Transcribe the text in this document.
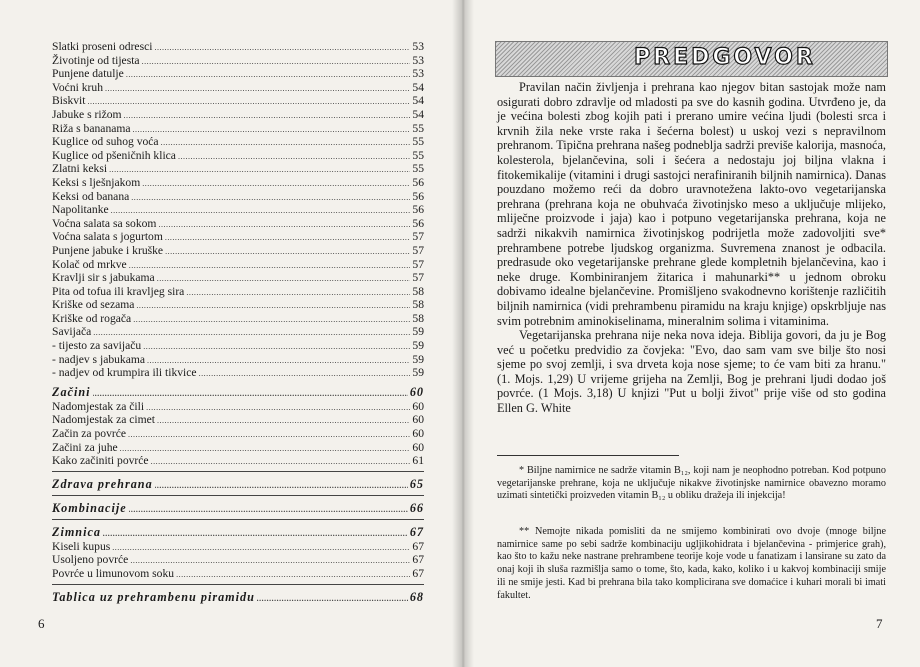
Slatki proseni odresci .....	53
Životinje od tijesta .....	53
Punjene datulje .....	53
Voćni kruh .....	54
Biskvit .....	54
Jabuke s rižom .....	54
Riža s bananama .....	55
Kuglice od suhog voća .....	55
Kuglice od pšeničnih klica .....	55
Zlatni keksi .....	55
Keksi s lješnjakom .....	56
Keksi od banana .....	56
Napolitanke .....	56
Voćna salata sa sokom .....	56
Voćna salata s jogurtom .....	57
Punjene jabuke i kruške .....	57
Kolač od mrkve .....	57
Kravlji sir s jabukama .....	57
Pita od tofua ili kravljeg sira .....	58
Kriške od sezama .....	58
Kriške od rogača .....	58
Savijača .....	59
- tijesto za savijaču .....	59
- nadjev s jabukama .....	59
- nadjev od krumpira ili tikvice .....	59
Začini .....	60
Nadomjestak za čili .....	60
Nadomjestak za cimet .....	60
Začin za povrće .....	60
Začini za juhe .....	60
Kako začiniti povrće .....	61
Zdrava prehrana .....	65
Kombinacije .....	66
Zimnica .....	67
Kiseli kupus .....	67
Usoljeno povrće .....	67
Povrće u limunovom soku .....	67
Tablica uz prehrambenu piramidu .....	68
6	7
PREDGOVOR

Pravilan način življenja i prehrana kao njegov bitan sastojak može nam osigurati dobro zdravlje od mladosti pa sve do kasnih godina. Utvrđeno je, da je većina bolesti zbog kojih pati i prerano umire većina ljudi (bolesti srca i krvnih žila neke vrste raka i šećerna bolest) u uskoj vezi s nepravilnom prehranom. Tipična prehrana našeg podneblja sadrži previše kalorija, masnoća, kolesterola, bjelančevina, soli i šećera a nedostaju joj biljna vlakna i fitokemikalije (vitamini i drugi sastojci nerafiniranih biljnih namirnica). Danas pouzdano možemo reći da dobro uravnotežena lakto-ovo vegetarijanska prehrana (prehrana koja ne obuhvaća životinjsko meso a uključuje mlijeko, mliječne proizvode i jaja) kao i potpuno vegetarijanska prehrana, koja ne sadrži nikakvih namirnica životinjskog podrijetla može zadovoljiti sve* prehrambene potrebe ljudskog organizma. Suvremena znanost je odbacila. predrasude oko vegetarijanske prehrane glede kompletnih bjelančevina, kao i neke druge. Kombiniranjem žitarica i mahunarki** u jednom obroku dobivamo idealne bjelančevine. Promišljeno svakodnevno korištenje različitih biljnih namirnica (vidi prehrambenu piramidu na kraju knjige) opskrbljuje nas svim potrebnim aminokiselinama, mineralnim solima i vitaminima.

Vegetarijanska prehrana nije neka nova ideja. Biblija govori, da ju je Bog već u početku predvidio za čovjeka: "Evo, dao sam vam sve bilje što nosi sjeme po svoj zemlji, i sva drveta koja nose sjeme; to će vam biti za hranu." (1. Mojs. 1,29) U vrijeme grijeha na Zemlji, Bog je prehrani ljudi dodao još povrće. (1 Mojs. 3,18) U knjizi "Put u bolji život" prije više od sto godina Ellen G. White

* Biljne namirnice ne sadrže vitamin B₁₂, koji nam je neophodno potreban. Kod potpuno vegetarijanske prehrane, koja ne uključuje nikakve životinjske namirnice obavezno moramo uzimati sintetički proizveden vitamin B₁₂ u obliku dražeja ili injekcija!

** Nemojte nikada pomisliti da ne smijemo kombinirati ovo dvoje (mnoge biljne namirnice same po sebi sadrže kombinaciju ugljikohidrata i bjelančevina - primjerice grah), kao što to kažu neke nastrane prehrambene teorije koje vode u fanatizam i lansirane su zato da onaj koji ih sluša razmišlja samo o tome, što, kada, kako, koliko i u kakvoj kombinaciji smije ili ne smije jesti. Kad bi prehrana bila tako komplicirana sve domaćice i kuhari morali bi imati fakultet.
